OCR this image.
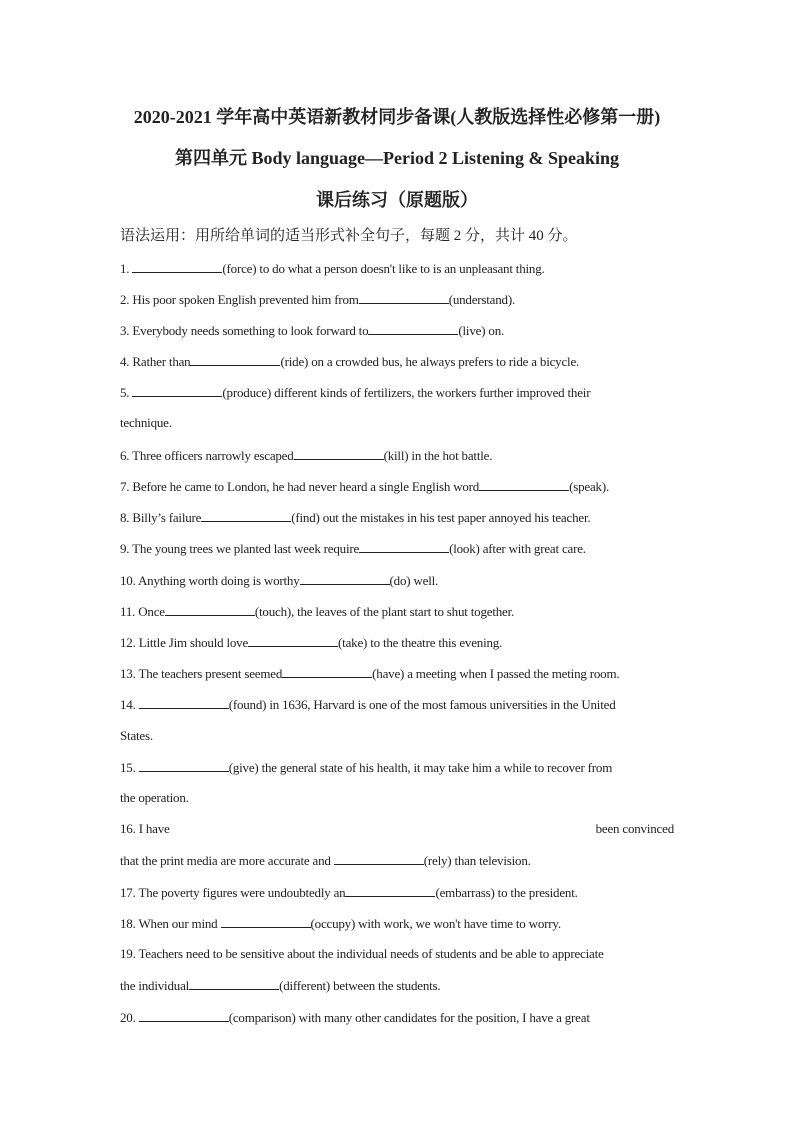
2020-2021 学年高中英语新教材同步备课(人教版选择性必修第一册)
第四单元 Body language—Period 2 Listening & Speaking
课后练习（原题版）
语法运用：用所给单词的适当形式补全句子，每题 2 分，共计 40 分。
1.	(force) to do what a person doesn't like to is an unpleasant thing.
2. His poor spoken English prevented him from	(understand).
3. Everybody needs something to look forward to	(live) on.
4. Rather than	(ride) on a crowded bus, he always prefers to ride a bicycle.
5.	(produce) different kinds of fertilizers, the workers further improved their
technique.
6. Three officers narrowly escaped	(kill) in the hot battle.
7. Before he came to London, he had never heard a single English word	(speak).
8. Billy’s failure	(find) out the mistakes in his test paper annoyed his teacher.
9. The young trees we planted last week require	(look) after with great care.
10. Anything worth doing is worthy	(do) well.
11. Once	(touch), the leaves of the plant start to shut together.
12. Little Jim should love	(take) to the theatre this evening.
13. The teachers present seemed	(have) a meeting when I passed the meting room.
14.	(found) in 1636, Harvard is one of the most famous universities in the United
States.
15.	(give) the general state of his health, it may take him a while to recover from
the operation.
16. I have	been convinced
that the print media are more accurate and	(rely) than television.
17. The poverty figures were undoubtedly an	(embarrass) to the president.
18. When our mind	(occupy) with work, we won't have time to worry.
19. Teachers need to be sensitive about the individual needs of students and be able to appreciate
the individual	(different) between the students.
20.	(comparison) with many other candidates for the position, I have a great
